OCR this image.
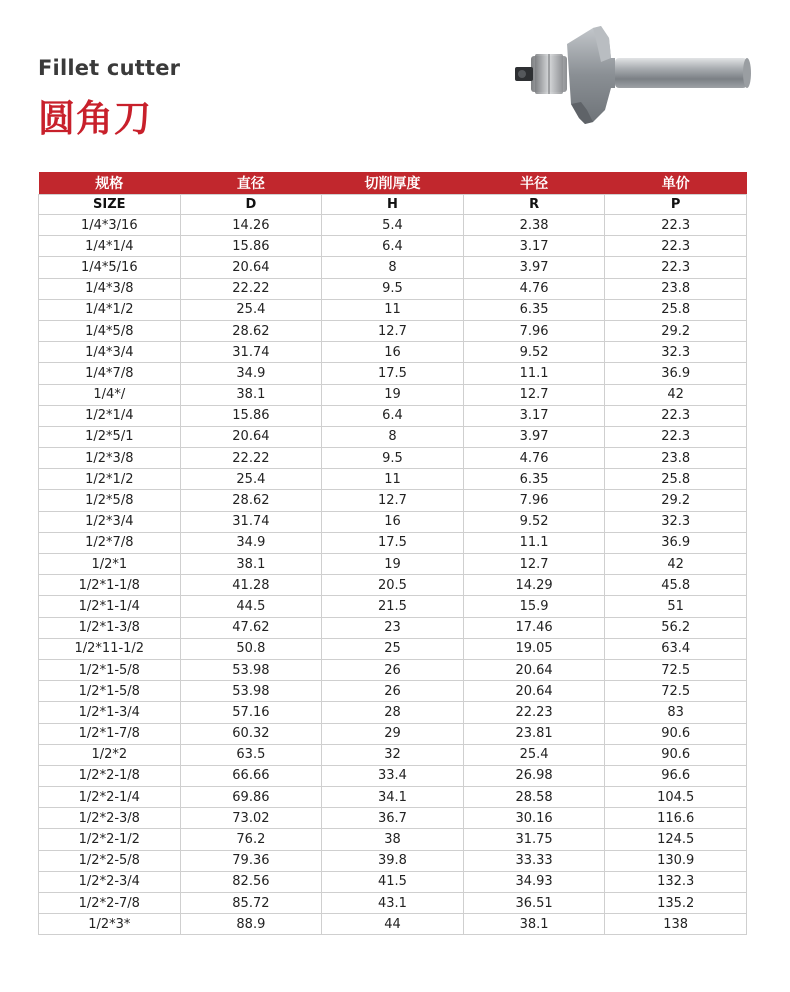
Fillet cutter
圆角刀
规格	直径	切削厚度	半径	单价
SIZE	D	H	R	P
1/4*3/16	14.26	5.4	2.38	22.3
1/4*1/4	15.86	6.4	3.17	22.3
1/4*5/16	20.64	8	3.97	22.3
1/4*3/8	22.22	9.5	4.76	23.8
1/4*1/2	25.4	11	6.35	25.8
1/4*5/8	28.62	12.7	7.96	29.2
1/4*3/4	31.74	16	9.52	32.3
1/4*7/8	34.9	17.5	11.1	36.9
1/4*/	38.1	19	12.7	42
1/2*1/4	15.86	6.4	3.17	22.3
1/2*5/1	20.64	8	3.97	22.3
1/2*3/8	22.22	9.5	4.76	23.8
1/2*1/2	25.4	11	6.35	25.8
1/2*5/8	28.62	12.7	7.96	29.2
1/2*3/4	31.74	16	9.52	32.3
1/2*7/8	34.9	17.5	11.1	36.9
1/2*1	38.1	19	12.7	42
1/2*1-1/8	41.28	20.5	14.29	45.8
1/2*1-1/4	44.5	21.5	15.9	51
1/2*1-3/8	47.62	23	17.46	56.2
1/2*11-1/2	50.8	25	19.05	63.4
1/2*1-5/8	53.98	26	20.64	72.5
1/2*1-5/8	53.98	26	20.64	72.5
1/2*1-3/4	57.16	28	22.23	83
1/2*1-7/8	60.32	29	23.81	90.6
1/2*2	63.5	32	25.4	90.6
1/2*2-1/8	66.66	33.4	26.98	96.6
1/2*2-1/4	69.86	34.1	28.58	104.5
1/2*2-3/8	73.02	36.7	30.16	116.6
1/2*2-1/2	76.2	38	31.75	124.5
1/2*2-5/8	79.36	39.8	33.33	130.9
1/2*2-3/4	82.56	41.5	34.93	132.3
1/2*2-7/8	85.72	43.1	36.51	135.2
1/2*3*	88.9	44	38.1	138
